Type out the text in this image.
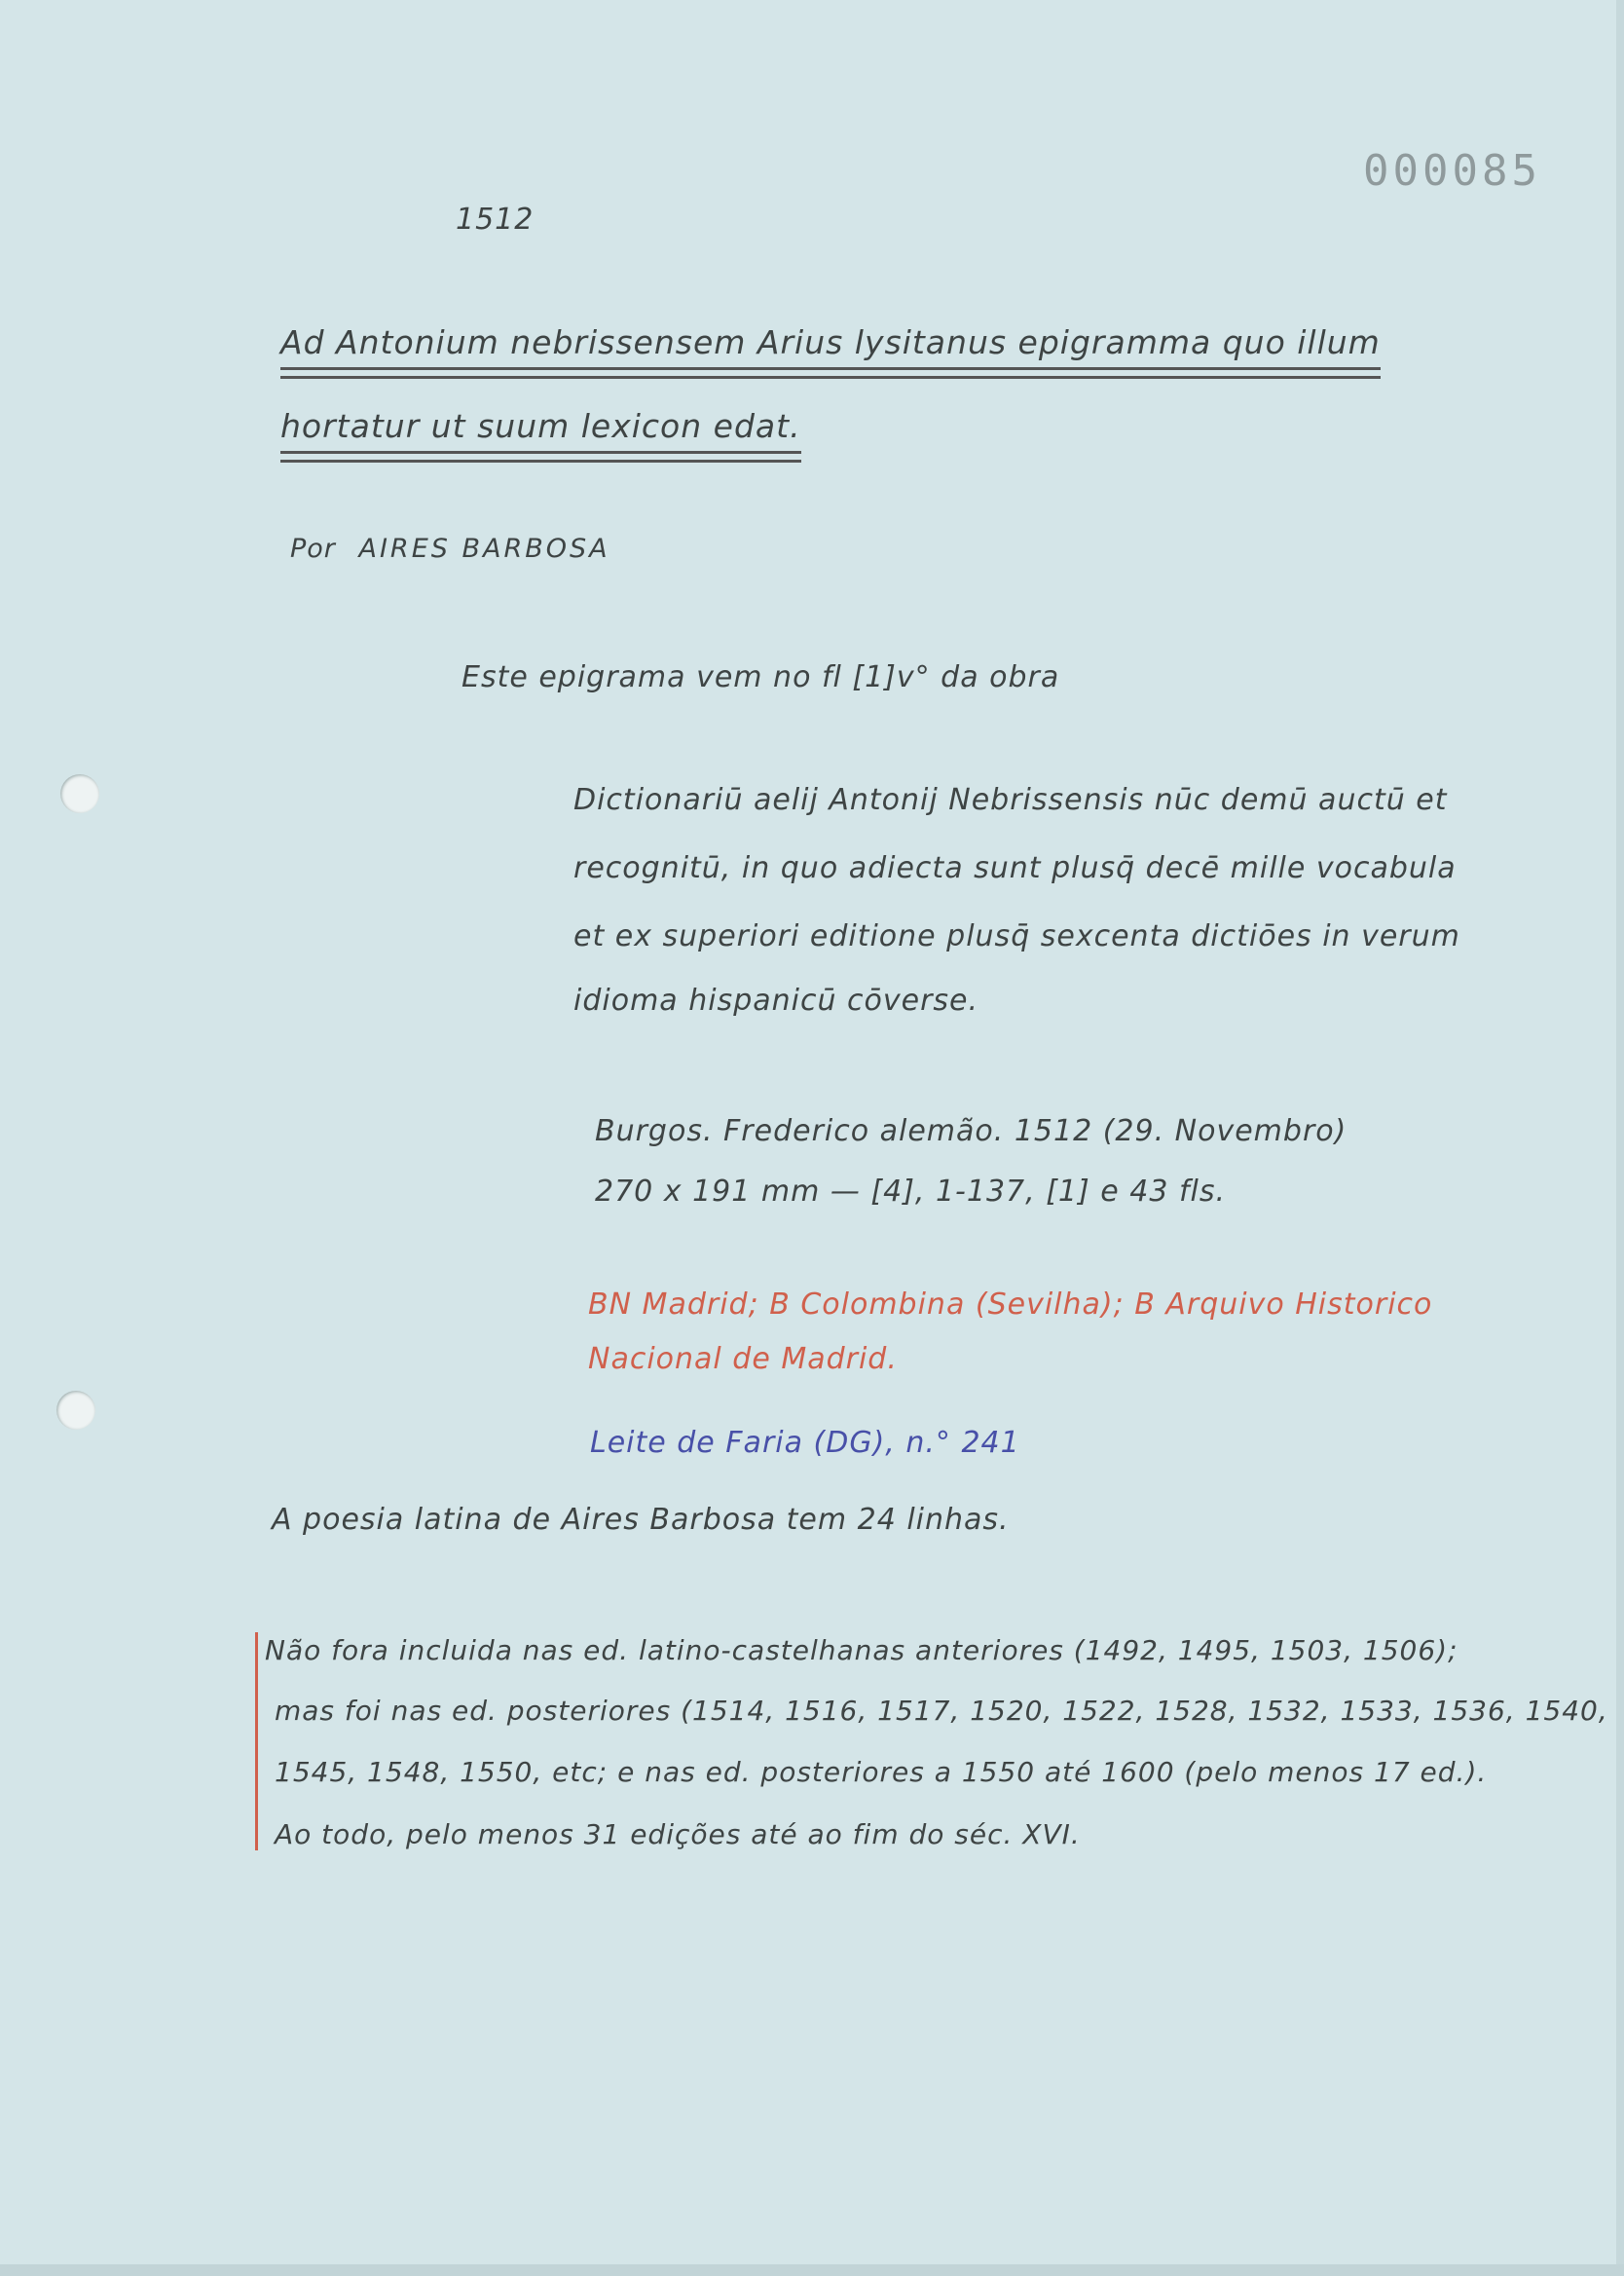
000085
1512
Ad Antonium nebrissensem Arius lysitanus epigramma quo illum
hortatur ut suum lexicon edat.
Por AIRES BARBOSA
Este epigrama vem no fl [1]v° da obra
Dictionariū aelij Antonij Nebrissensis nūc demū auctū et
recognitū, in quo adiecta sunt plusq̄ decē mille vocabula
et ex superiori editione plusq̄ sexcenta dictiōes in verum
idioma hispanicū cōverse.
Burgos. Frederico alemão. 1512 (29. Novembro)
270 x 191 mm — [4], 1-137, [1] e 43 fls.
BN Madrid; B Colombina (Sevilha); B Arquivo Historico
Nacional de Madrid.
Leite de Faria (DG), n.° 241
A poesia latina de Aires Barbosa tem 24 linhas.
Não fora incluida nas ed. latino-castelhanas anteriores (1492, 1495, 1503, 1506);
mas foi nas ed. posteriores (1514, 1516, 1517, 1520, 1522, 1528, 1532, 1533, 1536, 1540,
1545, 1548, 1550, etc; e nas ed. posteriores a 1550 até 1600 (pelo menos 17 ed.).
Ao todo, pelo menos 31 edições até ao fim do séc. XVI.
